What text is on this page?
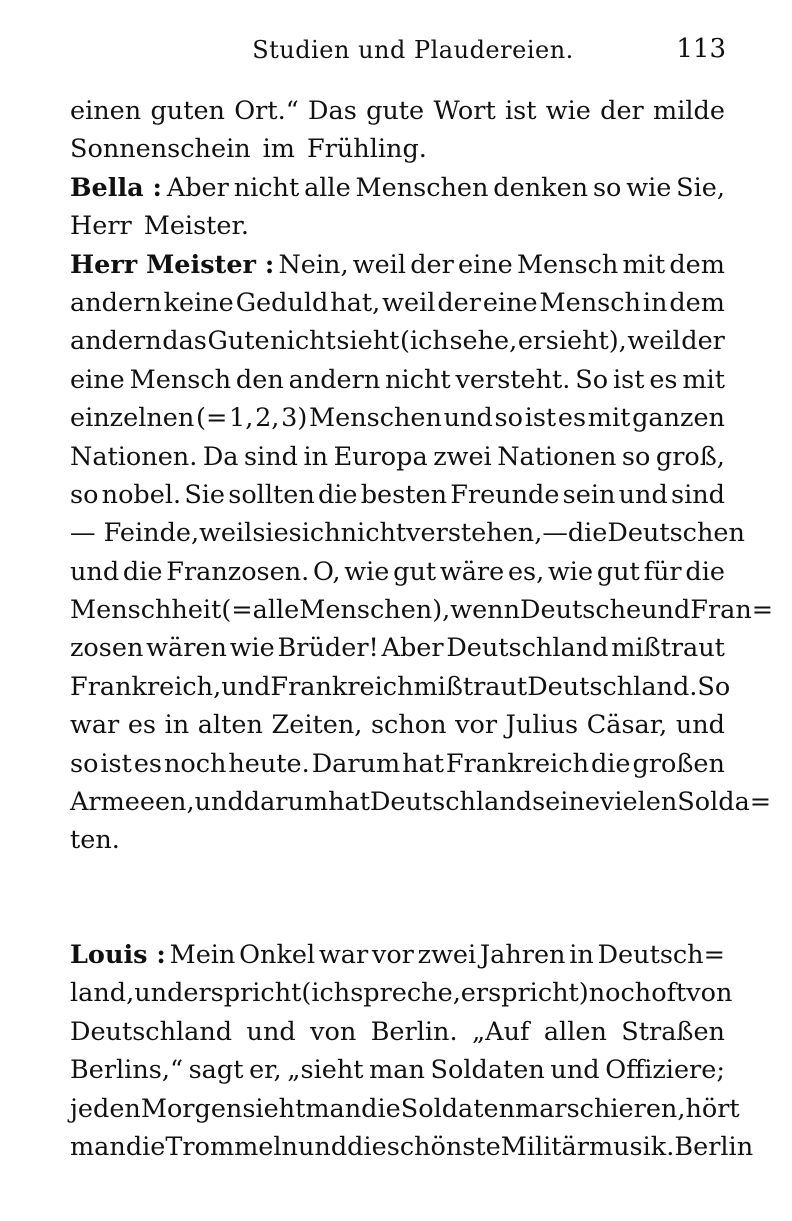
Studien und Plaudereien.	113
einen guten Ort.“ Das gute Wort ist wie der milde
Sonnenschein im Frühling.
Bella : Aber nicht alle Menschen denken so wie Sie,
Herr Meister.
Herr Meister : Nein, weil der eine Mensch mit dem
andern keine Geduld hat, weil der eine Mensch in dem
andern das Gute nicht sieht (ich sehe, er sieht), weil der
eine Mensch den andern nicht versteht. So ist es mit
einzelnen (= 1, 2, 3) Menschen und so ist es mit ganzen
Nationen. Da sind in Europa zwei Nationen so groß,
so nobel. Sie sollten die besten Freunde sein und sind
— Feinde, weil sie sich nicht verstehen, — die Deutschen
und die Franzosen. O, wie gut wäre es, wie gut für die
Menschheit (= alle Menschen), wenn Deutsche und Fran=
zosen wären wie Brüder! Aber Deutschland mißtraut
Frankreich, und Frankreich mißtraut Deutschland. So
war es in alten Zeiten, schon vor Julius Cäsar, und
so ist es noch heute. Darum hat Frankreich die großen
Armeeen, und darum hat Deutschland seine vielen Solda=
ten.
Louis : Mein Onkel war vor zwei Jahren in Deutsch=
land, und er spricht (ich spreche, er spricht) noch oft von
Deutschland und von Berlin. „Auf allen Straßen
Berlins,“ sagt er, „sieht man Soldaten und Offiziere;
jeden Morgen sieht man die Soldaten marschieren, hört
man die Trommeln und die schönste Militärmusik. Berlin
